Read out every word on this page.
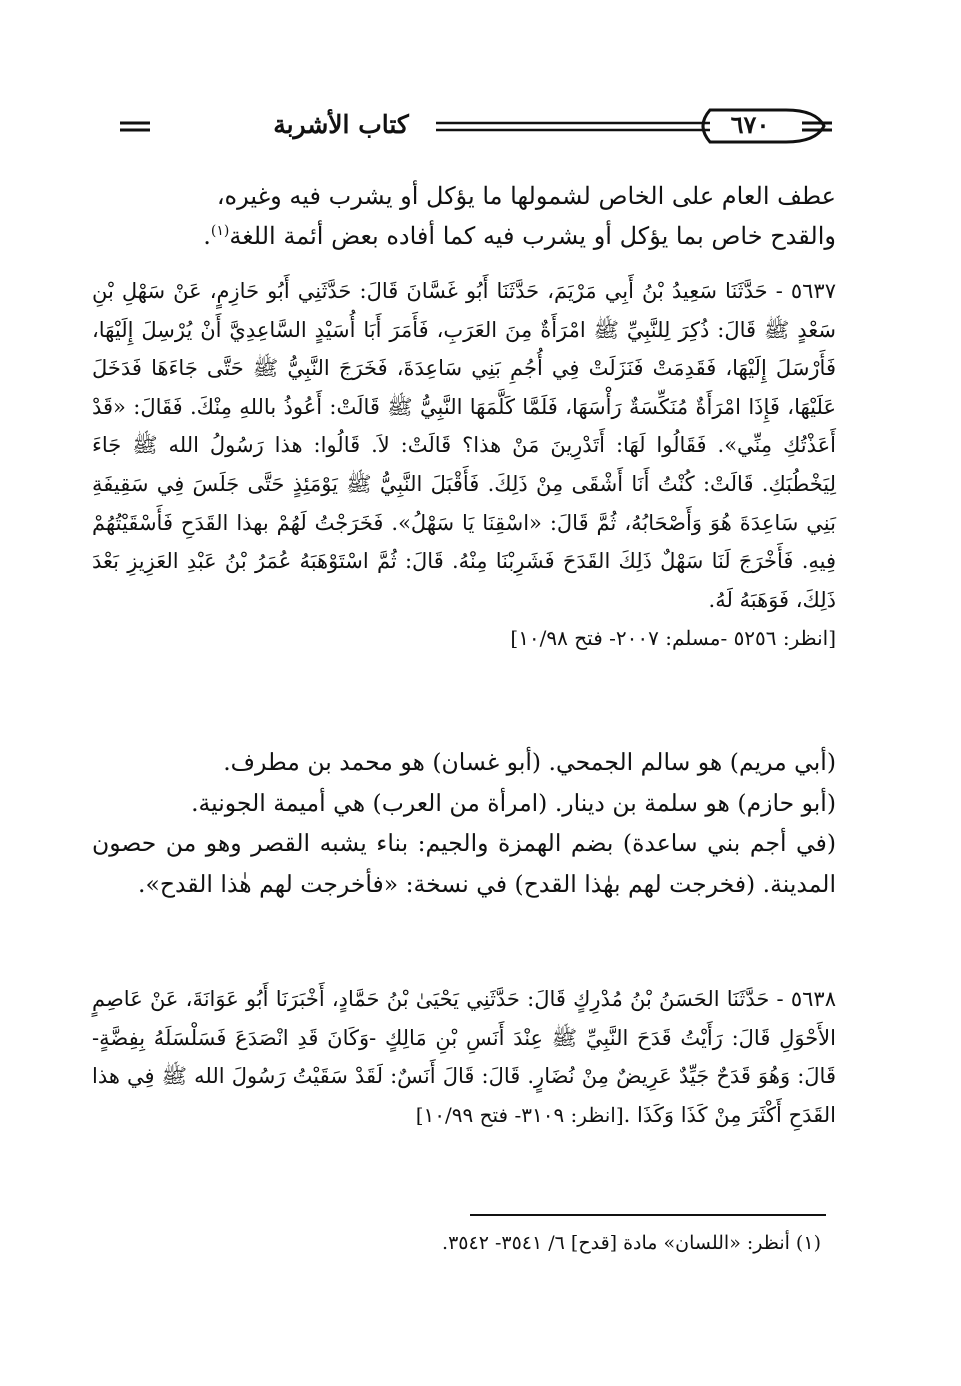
كتاب الأشربة	٦٧٠

عطف العام على الخاص لشمولها ما يؤكل أو يشرب فيه وغيره،

والقدح خاص بما يؤكل أو يشرب فيه كما أفاده بعض أئمة اللغة$^{(١)}$.

٥٦٣٧ - حَدَّثَنَا سَعِيدُ بْنُ أَبِي مَرْيَمَ، حَدَّثَنَا أَبُو غَسَّانَ قَالَ: حَدَّثَنِي أَبُو حَازِمٍ، عَنْ سَهْلِ بْنِ سَعْدٍ ﷺ قَالَ: ذُكِرَ لِلنَّبِيِّ ﷺ امْرَأَةٌ مِنَ العَرَبِ، فَأَمَرَ أَبَا أُسَيْدٍ السَّاعِدِيَّ أَنْ يُرْسِلَ إِلَيْهَا، فَأَرْسَلَ إِلَيْهَا، فَقَدِمَتْ فَنَزَلَتْ فِي أُجُمِ بَنِي سَاعِدَةَ، فَخَرَجَ النَّبِيُّ ﷺ حَتَّى جَاءَهَا فَدَخَلَ عَلَيْهَا، فَإِذَا امْرَأَةٌ مُنَكِّسَةٌ رَأْسَهَا، فَلَمَّا كَلَّمَهَا النَّبِيُّ ﷺ قَالَتْ: أَعُوذُ باللهِ مِنْكَ. فَقَالَ: «قَدْ أَعَذْتُكِ مِنِّي». فَقَالُوا لَهَا: أَتَدْرِينَ مَنْ هذا؟ قَالَتْ: لاَ. قَالُوا: هذا رَسُولُ الله ﷺ جَاءَ لِيَخْطُبَكِ. قَالَتْ: كُنْتُ أَنَا أَشْقَى مِنْ ذَلِكَ. فَأَقْبَلَ النَّبِيُّ ﷺ يَوْمَئِذٍ حَتَّى جَلَسَ فِي سَقِيفَةِ بَنِي سَاعِدَةَ هُوَ وَأَصْحَابُهُ، ثُمَّ قَالَ: «اسْقِنَا يَا سَهْلُ». فَخَرَجْتُ لَهُمْ بهذا القَدَحِ فَأَسْقَيْتُهُمْ فِيهِ. فَأَخْرَجَ لَنَا سَهْلٌ ذَلِكَ القَدَحَ فَشَرِبْنَا مِنْهُ. قَالَ: ثُمَّ اسْتَوْهَبَهُ عُمَرُ بْنُ عَبْدِ العَزِيزِ بَعْدَ ذَلِكَ، فَوَهَبَهُ لَهُ.

[انظر: ٥٢٥٦ -مسلم: ٢٠٠٧- فتح ١٠/٩٨]

(أبي مريم) هو سالم الجمحي. (أبو غسان) هو محمد بن مطرف.

(أبو حازم) هو سلمة بن دينار. (امرأة من العرب) هي أميمة الجونية.

(في أجم بني ساعدة) بضم الهمزة والجيم: بناء يشبه القصر وهو من حصون المدينة. (فخرجت لهم بهٰذا القدح) في نسخة: «فأخرجت لهم هٰذا القدح».

٥٦٣٨ - حَدَّثَنَا الحَسَنُ بْنُ مُدْرِكٍ قَالَ: حَدَّثَنِي يَحْيَىٰ بْنُ حَمَّادٍ، أَخْبَرَنَا أَبُو عَوَانَةَ، عَنْ عَاصِمٍ الأَحْوَلِ قَالَ: رَأَيْتُ قَدَحَ النَّبِيِّ ﷺ عِنْدَ أَنَسِ بْنِ مَالِكٍ -وَكَانَ قَدِ انْصَدَعَ فَسَلْسَلَهُ بِفِضَّةٍ- قَالَ: وَهُوَ قَدَحٌ جَيِّدٌ عَرِيضٌ مِنْ نُضَارٍ. قَالَ: قَالَ أَنَسٌ: لَقَدْ سَقَيْتُ رَسُولَ الله ﷺ فِي هذا القَدَحِ أَكْثَرَ مِنْ كَذَا وَكَذَا .[انظر: ٣١٠٩- فتح ١٠/٩٩]

(١) أنظر: «اللسان» مادة [قدح] ٦/ ٣٥٤١- ٣٥٤٢.
